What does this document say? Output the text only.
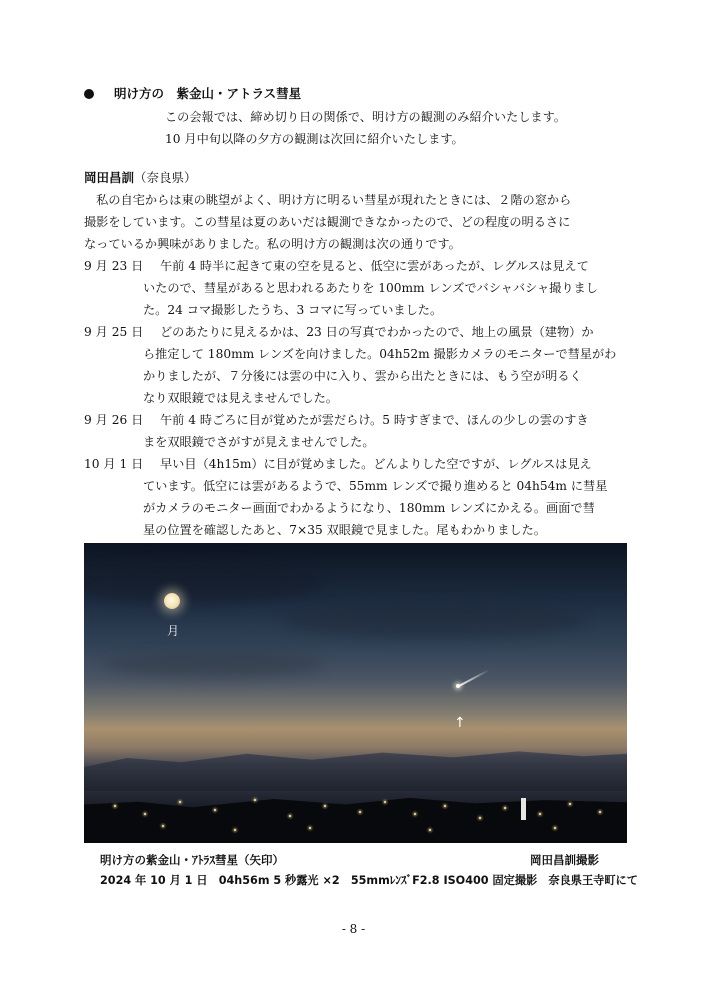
明け方の　紫金山・アトラス彗星
この会報では、締め切り日の関係で、明け方の観測のみ紹介いたします。
10 月中旬以降の夕方の観測は次回に紹介いたします。
岡田昌訓（奈良県）
　私の自宅からは東の眺望がよく、明け方に明るい彗星が現れたときには、２階の窓から
撮影をしています。この彗星は夏のあいだは観測できなかったので、どの程度の明るさに
なっているか興味がありました。私の明け方の観測は次の通りです。
9 月 23 日 午前 4 時半に起きて東の空を見ると、低空に雲があったが、レグルスは見えて
いたので、彗星があると思われるあたりを 100mm レンズでバシャバシャ撮りまし
た。24 コマ撮影したうち、3 コマに写っていました。
9 月 25 日 どのあたりに見えるかは、23 日の写真でわかったので、地上の風景（建物）か
ら推定して 180mm レンズを向けました。04h52m 撮影カメラのモニターで彗星がわ
かりましたが、７分後には雲の中に入り、雲から出たときには、もう空が明るく
なり双眼鏡では見えませんでした。
9 月 26 日 午前 4 時ごろに目が覚めたが雲だらけ。5 時すぎまで、ほんの少しの雲のすき
まを双眼鏡でさがすが見えませんでした。
10 月 1 日 早い目（4h15m）に目が覚めました。どんよりした空ですが、レグルスは見え
ています。低空には雲があるようで、55mm レンズで撮り進めると 04h54m に彗星
がカメラのモニター画面でわかるようになり、180mm レンズにかえる。画面で彗
星の位置を確認したあと、7×35 双眼鏡で見ました。尾もわかりました。
月
↑
明け方の紫金山・ｱﾄﾗｽ彗星（矢印）	岡田昌訓撮影
2024 年 10 月 1 日　04h56m 5 秒露光 ×2　55mmﾚﾝｽﾞF2.8 ISO400 固定撮影　奈良県王寺町にて
- 8 -
